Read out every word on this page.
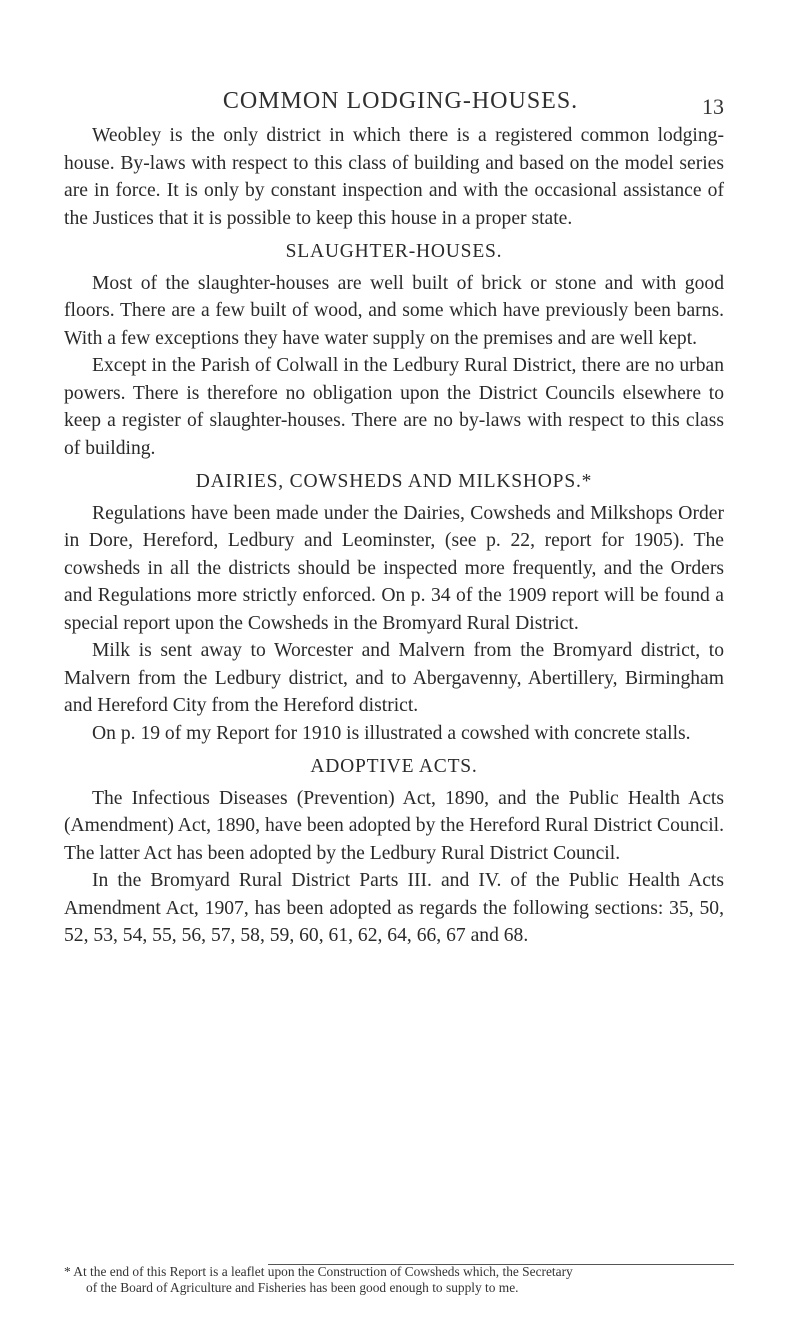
COMMON LODGING-HOUSES.	13

Weobley is the only district in which there is a registered common lodging-house. By-laws with respect to this class of building and based on the model series are in force. It is only by constant inspection and with the occasional assistance of the Justices that it is possible to keep this house in a proper state.

SLAUGHTER-HOUSES.

Most of the slaughter-houses are well built of brick or stone and with good floors. There are a few built of wood, and some which have previously been barns. With a few exceptions they have water supply on the premises and are well kept.

Except in the Parish of Colwall in the Ledbury Rural District, there are no urban powers. There is therefore no obligation upon the District Councils elsewhere to keep a register of slaughter-houses. There are no by-laws with respect to this class of building.

DAIRIES, COWSHEDS AND MILKSHOPS.*

Regulations have been made under the Dairies, Cowsheds and Milkshops Order in Dore, Hereford, Ledbury and Leominster, (see p. 22, report for 1905). The cowsheds in all the districts should be inspected more frequently, and the Orders and Regulations more strictly enforced. On p. 34 of the 1909 report will be found a special report upon the Cowsheds in the Bromyard Rural District.

Milk is sent away to Worcester and Malvern from the Bromyard district, to Malvern from the Ledbury district, and to Abergavenny, Abertillery, Birmingham and Hereford City from the Hereford district.

On p. 19 of my Report for 1910 is illustrated a cowshed with concrete stalls.

ADOPTIVE ACTS.

The Infectious Diseases (Prevention) Act, 1890, and the Public Health Acts (Amendment) Act, 1890, have been adopted by the Hereford Rural District Council. The latter Act has been adopted by the Ledbury Rural District Council.

In the Bromyard Rural District Parts III. and IV. of the Public Health Acts Amendment Act, 1907, has been adopted as regards the following sections: 35, 50, 52, 53, 54, 55, 56, 57, 58, 59, 60, 61, 62, 64, 66, 67 and 68.

* At the end of this Report is a leaflet upon the Construction of Cowsheds which, the Secretary
of the Board of Agriculture and Fisheries has been good enough to supply to me.
